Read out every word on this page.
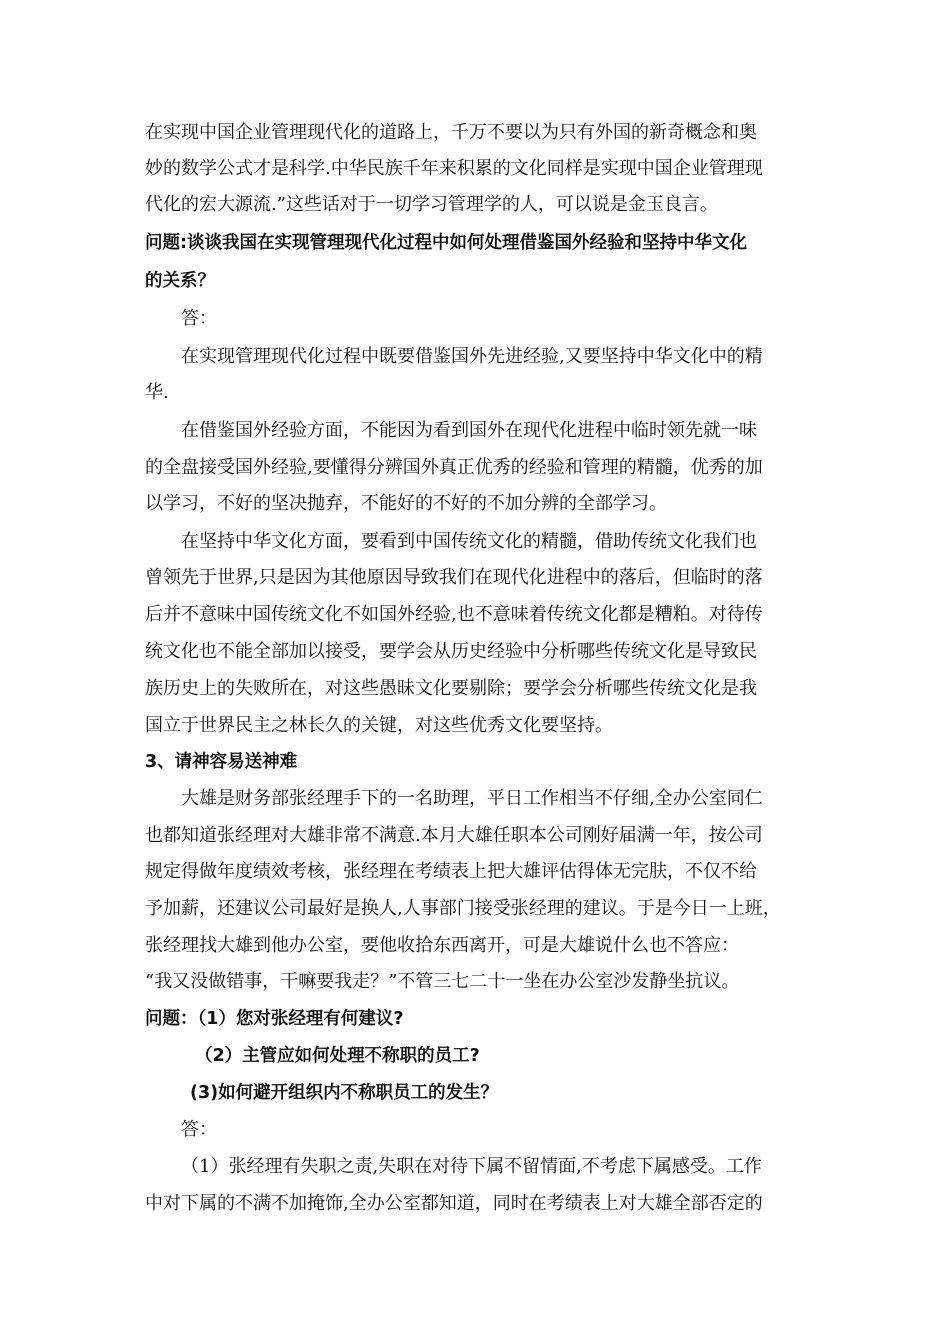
在实现中国企业管理现代化的道路上，千万不要以为只有外国的新奇概念和奥
妙的数学公式才是科学.中华民族千年来积累的文化同样是实现中国企业管理现
代化的宏大源流.”这些话对于一切学习管理学的人，可以说是金玉良言。
问题:谈谈我国在实现管理现代化过程中如何处理借鉴国外经验和坚持中华文化
的关系？
答：
在实现管理现代化过程中既要借鉴国外先进经验,又要坚持中华文化中的精
华.
在借鉴国外经验方面，不能因为看到国外在现代化进程中临时领先就一味
的全盘接受国外经验,要懂得分辨国外真正优秀的经验和管理的精髓，优秀的加
以学习，不好的坚决抛弃，不能好的不好的不加分辨的全部学习。
在坚持中华文化方面，要看到中国传统文化的精髓，借助传统文化我们也
曾领先于世界,只是因为其他原因导致我们在现代化进程中的落后，但临时的落
后并不意味中国传统文化不如国外经验,也不意味着传统文化都是糟粕。对待传
统文化也不能全部加以接受，要学会从历史经验中分析哪些传统文化是导致民
族历史上的失败所在，对这些愚昧文化要剔除；要学会分析哪些传统文化是我
国立于世界民主之林长久的关键，对这些优秀文化要坚持。
3、请神容易送神难
大雄是财务部张经理手下的一名助理，平日工作相当不仔细,全办公室同仁
也都知道张经理对大雄非常不满意.本月大雄任职本公司刚好届满一年，按公司
规定得做年度绩效考核，张经理在考绩表上把大雄评估得体无完肤，不仅不给
予加薪，还建议公司最好是换人,人事部门接受张经理的建议。于是今日一上班，
张经理找大雄到他办公室，要他收拾东西离开，可是大雄说什么也不答应：
“我又没做错事，干嘛要我走？”不管三七二十一坐在办公室沙发静坐抗议。
问题：（1）您对张经理有何建议?
（2）主管应如何处理不称职的员工?
(3)如何避开组织内不称职员工的发生？
答：
（1）张经理有失职之责,失职在对待下属不留情面,不考虑下属感受。工作
中对下属的不满不加掩饰,全办公室都知道，同时在考绩表上对大雄全部否定的
